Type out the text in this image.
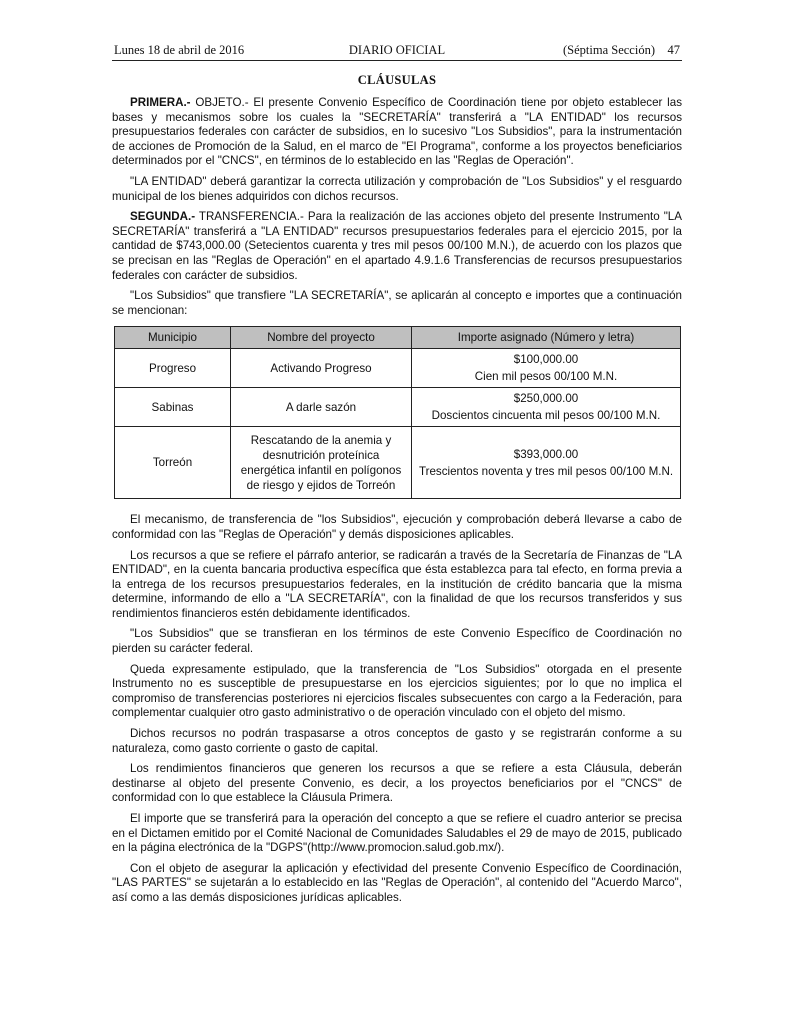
Lunes 18 de abril de 2016	DIARIO OFICIAL	(Séptima Sección) 47
CLÁUSULAS

PRIMERA.- OBJETO.- El presente Convenio Específico de Coordinación tiene por objeto establecer las bases y mecanismos sobre los cuales la "SECRETARÍA" transferirá a "LA ENTIDAD" los recursos presupuestarios federales con carácter de subsidios, en lo sucesivo "Los Subsidios", para la instrumentación de acciones de Promoción de la Salud, en el marco de "El Programa", conforme a los proyectos beneficiarios determinados por el "CNCS", en términos de lo establecido en las "Reglas de Operación".

"LA ENTIDAD" deberá garantizar la correcta utilización y comprobación de "Los Subsidios" y el resguardo municipal de los bienes adquiridos con dichos recursos.

SEGUNDA.- TRANSFERENCIA.- Para la realización de las acciones objeto del presente Instrumento "LA SECRETARÍA" transferirá a "LA ENTIDAD" recursos presupuestarios federales para el ejercicio 2015, por la cantidad de $743,000.00 (Setecientos cuarenta y tres mil pesos 00/100 M.N.), de acuerdo con los plazos que se precisan en las "Reglas de Operación" en el apartado 4.9.1.6 Transferencias de recursos presupuestarios federales con carácter de subsidios.

"Los Subsidios" que transfiere "LA SECRETARÍA", se aplicarán al concepto e importes que a continuación se mencionan:

Municipio	Nombre del proyecto	Importe asignado (Número y letra)
Progreso	Activando Progreso	$100,000.00
Cien mil pesos 00/100 M.N.

Sabinas	A darle sazón	$250,000.00
Doscientos cincuenta mil pesos 00/100 M.N.

Torreón	Rescatando de la anemia y desnutrición proteínica energética infantil en polígonos de riesgo y ejidos de Torreón	$393,000.00
Trescientos noventa y tres mil pesos 00/100 M.N.

El mecanismo, de transferencia de "los Subsidios", ejecución y comprobación deberá llevarse a cabo de conformidad con las "Reglas de Operación" y demás disposiciones aplicables.

Los recursos a que se refiere el párrafo anterior, se radicarán a través de la Secretaría de Finanzas de "LA ENTIDAD", en la cuenta bancaria productiva específica que ésta establezca para tal efecto, en forma previa a la entrega de los recursos presupuestarios federales, en la institución de crédito bancaria que la misma determine, informando de ello a "LA SECRETARÍA", con la finalidad de que los recursos transferidos y sus rendimientos financieros estén debidamente identificados.

"Los Subsidios" que se transfieran en los términos de este Convenio Específico de Coordinación no pierden su carácter federal.

Queda expresamente estipulado, que la transferencia de "Los Subsidios" otorgada en el presente Instrumento no es susceptible de presupuestarse en los ejercicios siguientes; por lo que no implica el compromiso de transferencias posteriores ni ejercicios fiscales subsecuentes con cargo a la Federación, para complementar cualquier otro gasto administrativo o de operación vinculado con el objeto del mismo.

Dichos recursos no podrán traspasarse a otros conceptos de gasto y se registrarán conforme a su naturaleza, como gasto corriente o gasto de capital.

Los rendimientos financieros que generen los recursos a que se refiere a esta Cláusula, deberán destinarse al objeto del presente Convenio, es decir, a los proyectos beneficiarios por el "CNCS" de conformidad con lo que establece la Cláusula Primera.

El importe que se transferirá para la operación del concepto a que se refiere el cuadro anterior se precisa en el Dictamen emitido por el Comité Nacional de Comunidades Saludables el 29 de mayo de 2015, publicado en la página electrónica de la "DGPS"(http://www.promocion.salud.gob.mx/).

Con el objeto de asegurar la aplicación y efectividad del presente Convenio Específico de Coordinación, "LAS PARTES" se sujetarán a lo establecido en las "Reglas de Operación", al contenido del "Acuerdo Marco", así como a las demás disposiciones jurídicas aplicables.
